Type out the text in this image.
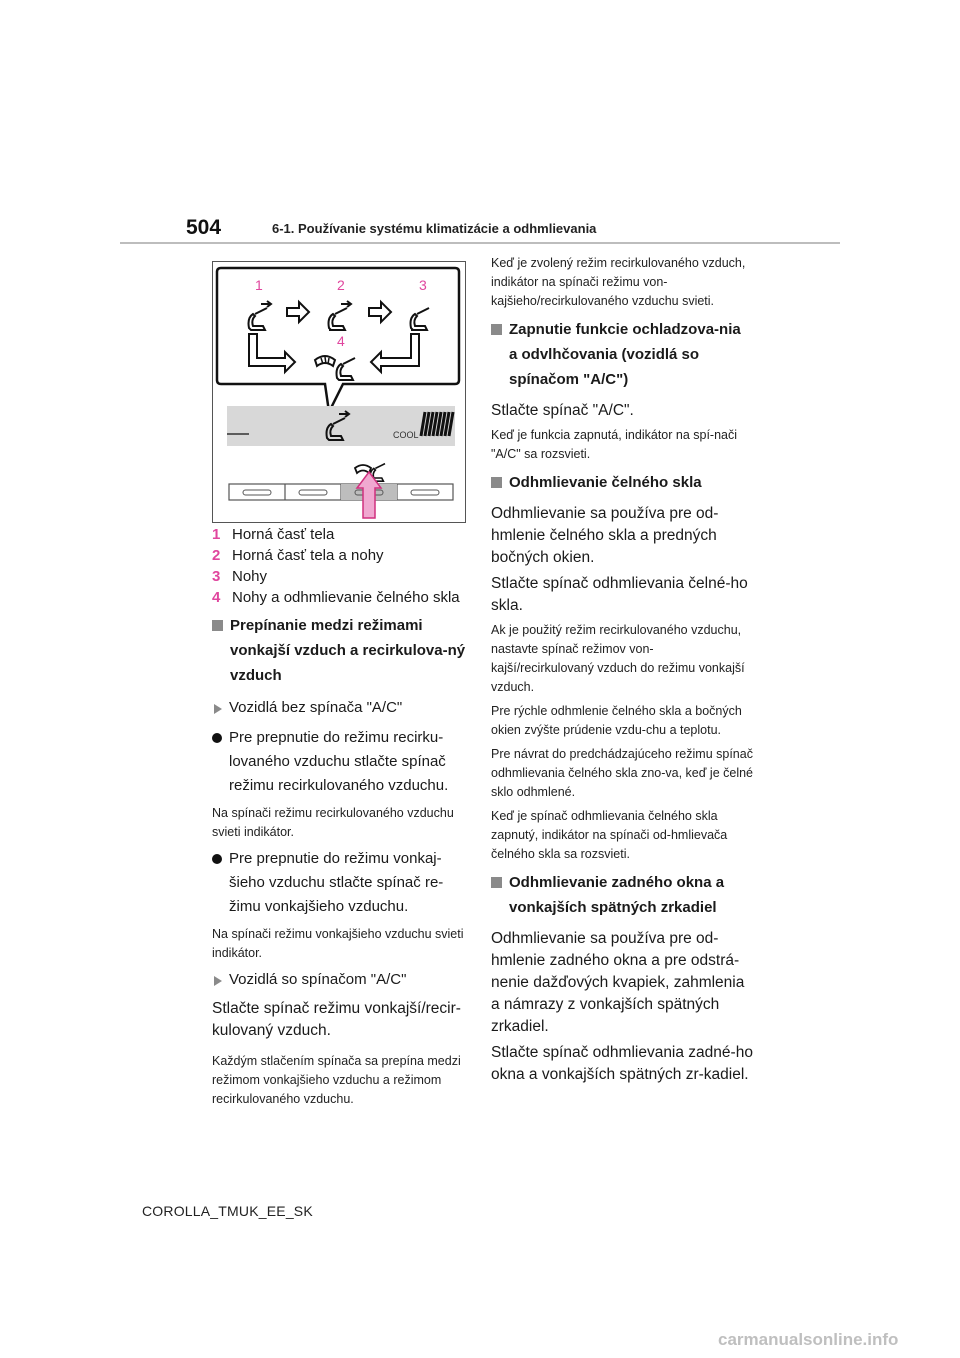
504	6-1. Používanie systému klimatizácie a odhmlievania
1	2	3
4
COOL
1 Horná časť tela
2 Horná časť tela a nohy
3 Nohy
4 Nohy a odhmlievanie čelného skla
Prepínanie medzi režimami vonkajší vzduch a recirkulova-ný vzduch
Vozidlá bez spínača "A/C"
Pre prepnutie do režimu recirku-lovaného vzduchu stlačte spínač režimu recirkulovaného vzduchu.
Na spínači režimu recirkulovaného vzduchu svieti indikátor.
Pre prepnutie do režimu vonkaj-šieho vzduchu stlačte spínač re-žimu vonkajšieho vzduchu.
Na spínači režimu vonkajšieho vzduchu svieti indikátor.
Vozidlá so spínačom "A/C"
Stlačte spínač režimu vonkajší/recir-kulovaný vzduch.
Každým stlačením spínača sa prepína medzi režimom vonkajšieho vzduchu a režimom recirkulovaného vzduchu.
Keď je zvolený režim recirkulovaného vzduch, indikátor na spínači režimu von-kajšieho/recirkulovaného vzduchu svieti.
Zapnutie funkcie ochladzova-nia a odvlhčovania (vozidlá so spínačom "A/C")
Stlačte spínač "A/C".
Keď je funkcia zapnutá, indikátor na spí-nači "A/C" sa rozsvieti.
Odhmlievanie čelného skla
Odhmlievanie sa používa pre od-hmlenie čelného skla a predných bočných okien.
Stlačte spínač odhmlievania čelné-ho skla.
Ak je použitý režim recirkulovaného vzduchu, nastavte spínač režimov von-kajší/recirkulovaný vzduch do režimu vonkajší vzduch.
Pre rýchle odhmlenie čelného skla a bočných okien zvýšte prúdenie vzdu-chu a teplotu.
Pre návrat do predchádzajúceho režimu spínač odhmlievania čelného skla zno-va, keď je čelné sklo odhmlené.
Keď je spínač odhmlievania čelného skla zapnutý, indikátor na spínači od-hmlievača čelného skla sa rozsvieti.
Odhmlievanie zadného okna a vonkajších spätných zrkadiel
Odhmlievanie sa používa pre od-hmlenie zadného okna a pre odstrá-nenie dažďových kvapiek, zahmlenia a námrazy z vonkajších spätných zrkadiel.
Stlačte spínač odhmlievania zadné-ho okna a vonkajších spätných zr-kadiel.
COROLLA_TMUK_EE_SK
carmanualsonline.info
